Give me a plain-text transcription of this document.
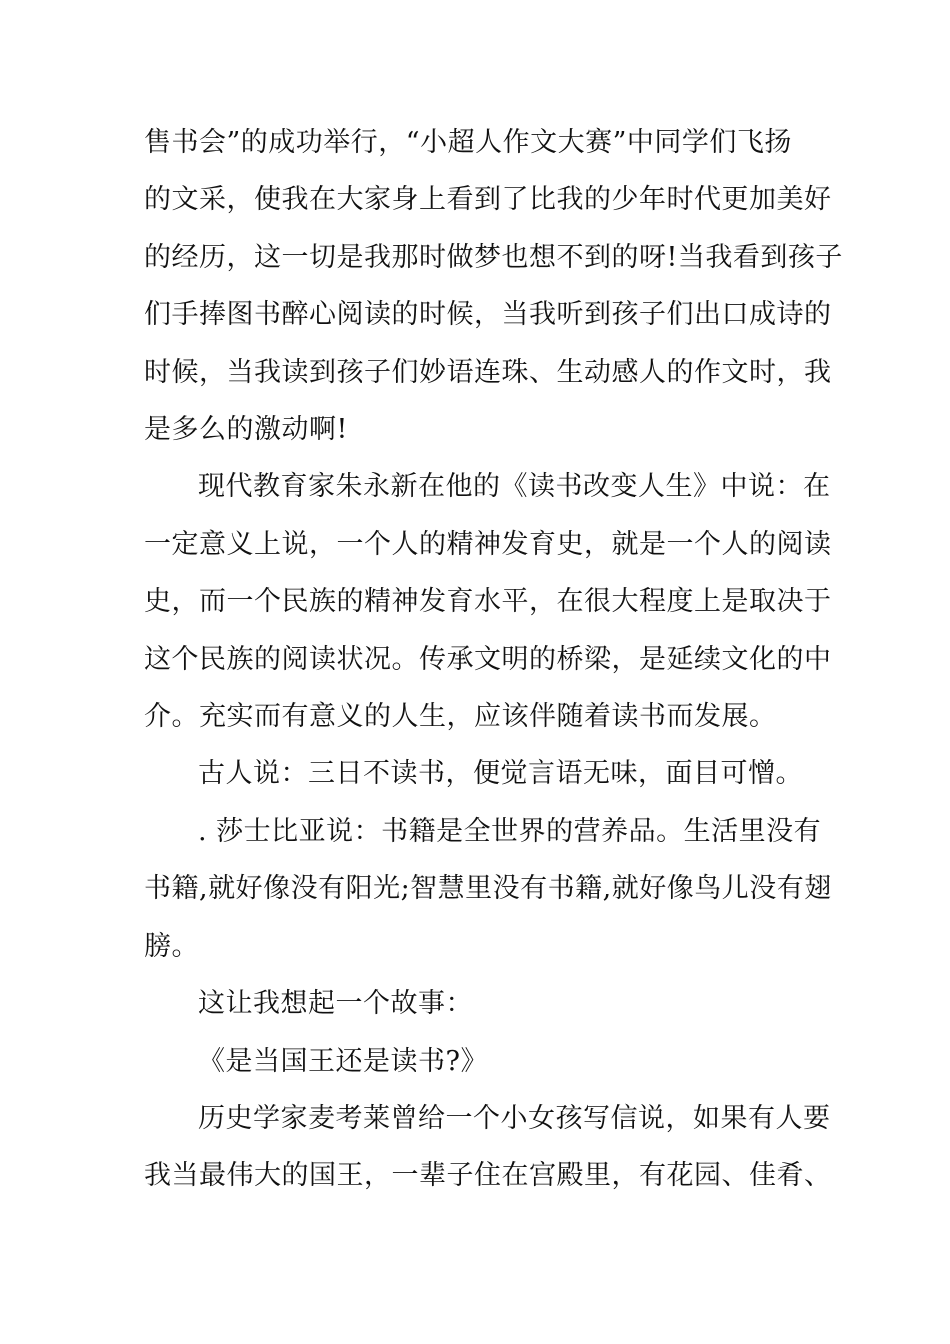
售书会”的成功举行，“小超人作文大赛”中同学们飞扬
的文采，使我在大家身上看到了比我的少年时代更加美好
的经历，这一切是我那时做梦也想不到的呀!当我看到孩子
们手捧图书醉心阅读的时候，当我听到孩子们出口成诗的
时候，当我读到孩子们妙语连珠、生动感人的作文时，我
是多么的激动啊!

现代教育家朱永新在他的《读书改变人生》中说：在
一定意义上说，一个人的精神发育史，就是一个人的阅读
史，而一个民族的精神发育水平，在很大程度上是取决于
这个民族的阅读状况。传承文明的桥梁，是延续文化的中
介。充实而有意义的人生，应该伴随着读书而发展。

古人说：三日不读书，便觉言语无味，面目可憎。

. 莎士比亚说：书籍是全世界的营养品。生活里没有
书籍,就好像没有阳光;智慧里没有书籍,就好像鸟儿没有翅
膀。

这让我想起一个故事：

《是当国王还是读书?》

历史学家麦考莱曾给一个小女孩写信说，如果有人要
我当最伟大的国王，一辈子住在宫殿里，有花园、佳肴、
